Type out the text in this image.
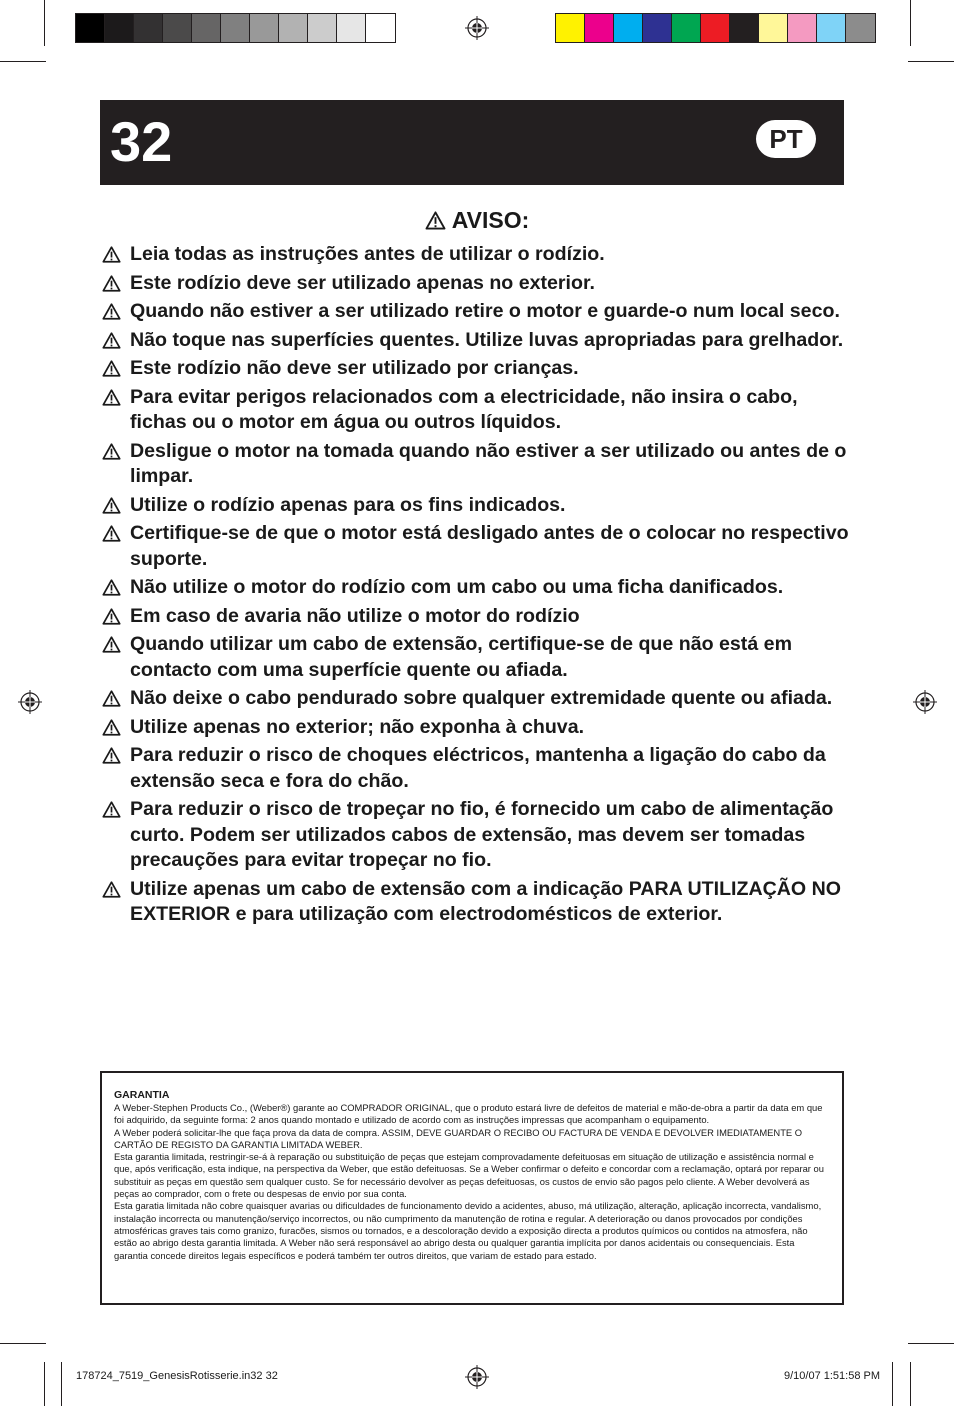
32	PT
AVISO:
Leia todas as instruções antes de utilizar o rodízio.
Este rodízio deve ser utilizado apenas no exterior.
Quando não estiver a ser utilizado retire o motor e guarde-o num local seco.
Não toque nas superfícies quentes. Utilize luvas apropriadas para grelhador.
Este rodízio não deve ser utilizado por crianças.
Para evitar perigos relacionados com a electricidade, não insira o cabo, fichas ou o motor em água ou outros líquidos.
Desligue o motor na tomada quando não estiver a ser utilizado ou antes de o limpar.
Utilize o rodízio apenas para os fins indicados.
Certifique-se de que o motor está desligado antes de o colocar no respectivo suporte.
Não utilize o motor do rodízio com um cabo ou uma ficha danificados.
Em caso de avaria não utilize o motor do rodízio
Quando utilizar um cabo de extensão, certifique-se de que não está em contacto com uma superfície quente ou afiada.
Não deixe o cabo pendurado sobre qualquer extremidade quente ou afiada.
Utilize apenas no exterior; não exponha à chuva.
Para reduzir o risco de choques eléctricos, mantenha a ligação do cabo da extensão seca e fora do chão.
Para reduzir o risco de tropeçar no fio, é fornecido um cabo de alimentação curto. Podem ser utilizados cabos de extensão, mas devem ser tomadas precauções para evitar tropeçar no fio.
Utilize apenas um cabo de extensão com a indicação PARA UTILIZAÇÃO NO EXTERIOR e para utilização com electrodomésticos de exterior.
GARANTIA

A Weber-Stephen Products Co., (Weber®) garante ao COMPRADOR ORIGINAL, que o produto estará livre de defeitos de material e mão-de-obra a partir da data em que foi adquirido, da seguinte forma: 2 anos quando montado e utilizado de acordo com as instruções impressas que acompanham o equipamento.

A Weber poderá solicitar-lhe que faça prova da data de compra. ASSIM, DEVE GUARDAR O RECIBO OU FACTURA DE VENDA E DEVOLVER IMEDIATAMENTE O CARTÃO DE REGISTO DA GARANTIA LIMITADA WEBER.

Esta garantia limitada, restringir-se-á à reparação ou substituição de peças que estejam comprovadamente defeituosas em situação de utilização e assistência normal e que, após verificação, esta indique, na perspectiva da Weber, que estão defeituosas. Se a Weber confirmar o defeito e concordar com a reclamação, optará por reparar ou substituir as peças em questão sem qualquer custo. Se for necessário devolver as peças defeituosas, os custos de envio são pagos pelo cliente. A Weber devolverá as peças ao comprador, com o frete ou despesas de envio por sua conta.

Esta garatia limitada não cobre quaisquer avarias ou dificuldades de funcionamento devido a acidentes, abuso, má utilização, alteração, aplicação incorrecta, vandalismo, instalação incorrecta ou manutenção/serviço incorrectos, ou não cumprimento da manutenção de rotina e regular. A deterioração ou danos provocados por condições atmosféricas graves tais como granizo, furacões, sismos ou tornados, e a descoloração devido a exposição directa a produtos químicos ou contidos na atmosfera, não estão ao abrigo desta garantia limitada. A Weber não será responsável ao abrigo desta ou qualquer garantia implícita por danos acidentais ou consequenciais. Esta garantia concede direitos legais específicos e poderá também ter outros direitos, que variam de estado para estado.

178724_7519_GenesisRotisserie.in32 32	9/10/07 1:51:58 PM
